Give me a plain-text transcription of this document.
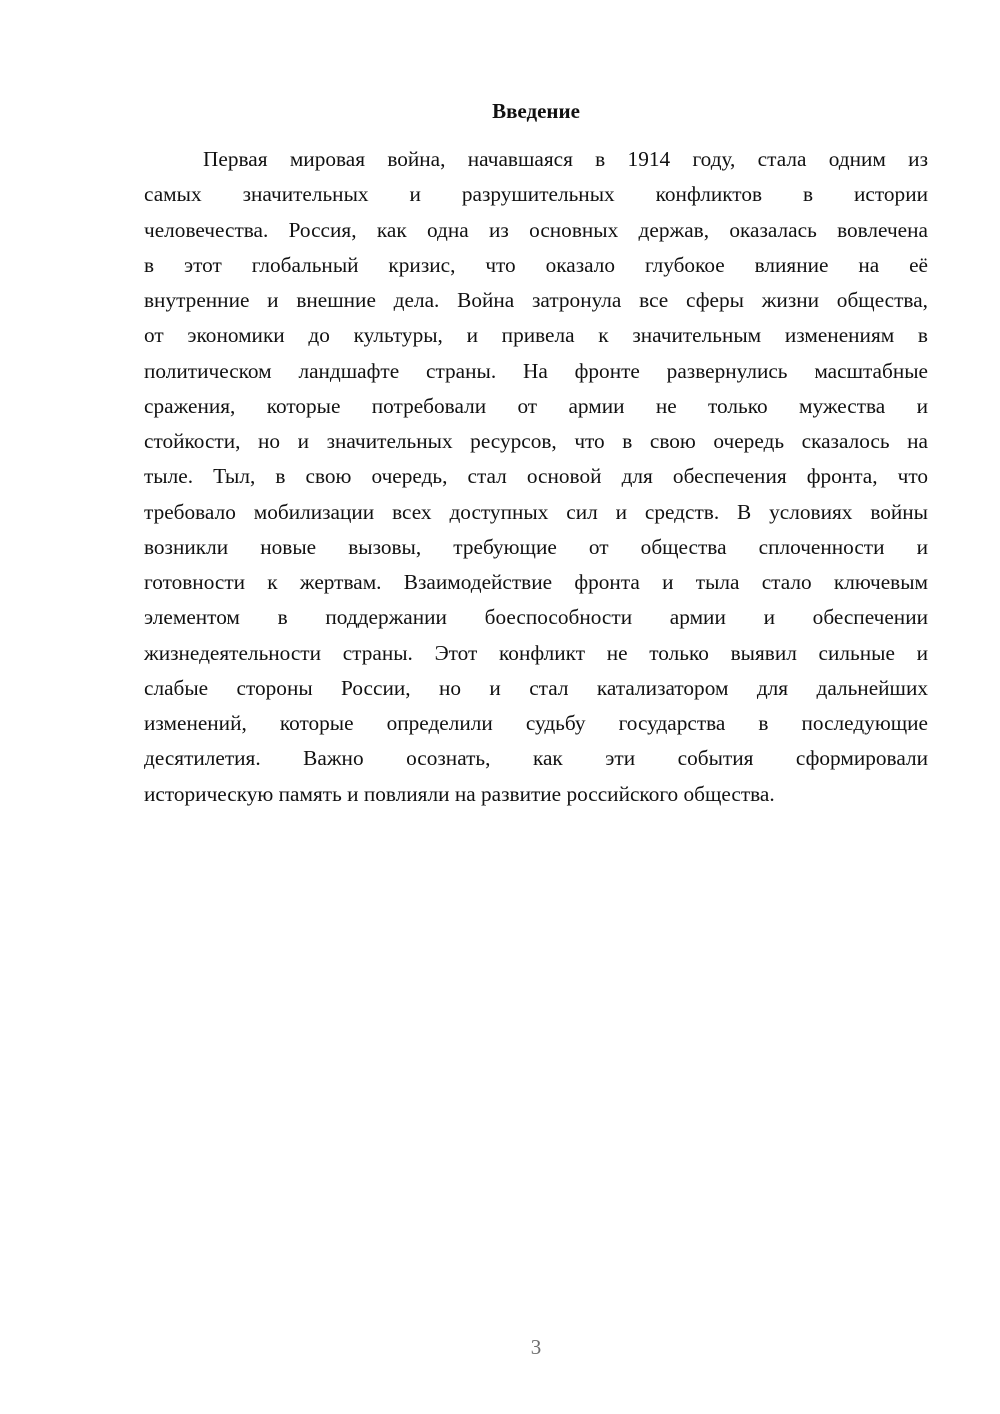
Введение
Первая мировая война, начавшаяся в 1914 году, стала одним из
самых значительных и разрушительных конфликтов в истории
человечества. Россия, как одна из основных держав, оказалась вовлечена
в этот глобальный кризис, что оказало глубокое влияние на её
внутренние и внешние дела. Война затронула все сферы жизни общества,
от экономики до культуры, и привела к значительным изменениям в
политическом ландшафте страны. На фронте развернулись масштабные
сражения, которые потребовали от армии не только мужества и
стойкости, но и значительных ресурсов, что в свою очередь сказалось на
тыле. Тыл, в свою очередь, стал основой для обеспечения фронта, что
требовало мобилизации всех доступных сил и средств. В условиях войны
возникли новые вызовы, требующие от общества сплоченности и
готовности к жертвам. Взаимодействие фронта и тыла стало ключевым
элементом в поддержании боеспособности армии и обеспечении
жизнедеятельности страны. Этот конфликт не только выявил сильные и
слабые стороны России, но и стал катализатором для дальнейших
изменений, которые определили судьбу государства в последующие
десятилетия. Важно осознать, как эти события сформировали
историческую память и повлияли на развитие российского общества.
3
